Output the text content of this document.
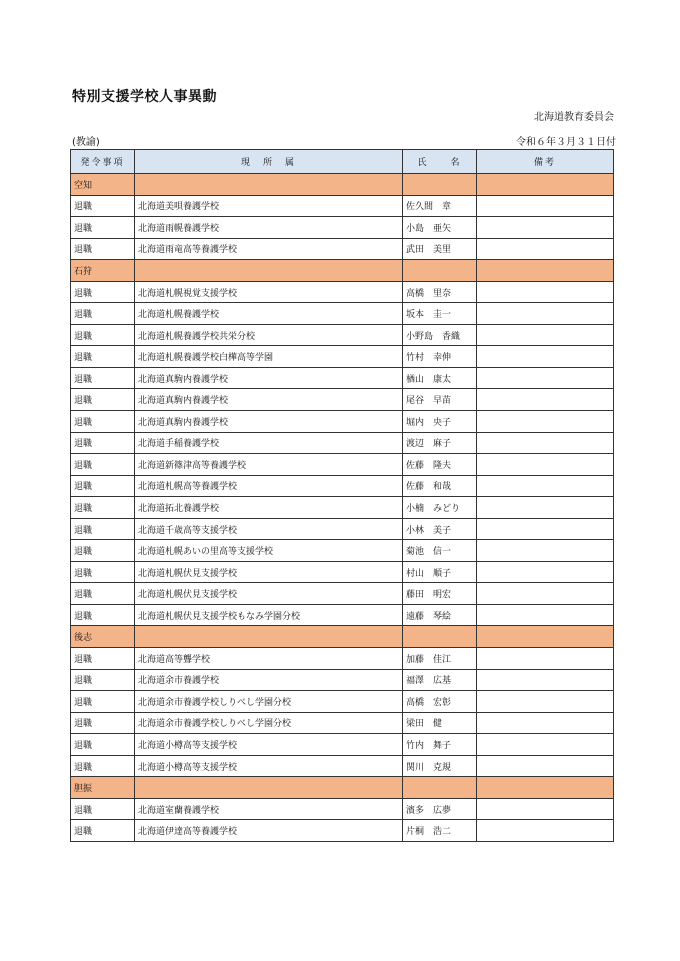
特別支援学校人事異動
北海道教育委員会
(教諭)	令和６年３月３１日付
発令事項	現　所　属	氏　　名	備考
空知			
退職	北海道美唄養護学校	佐久間　章	
退職	北海道雨幌養護学校	小島　亜矢	
退職	北海道雨竜高等養護学校	武田　美里	
石狩			
退職	北海道札幌視覚支援学校	高橋　里奈	
退職	北海道札幌養護学校	坂本　圭一	
退職	北海道札幌養護学校共栄分校	小野島　香織	
退職	北海道札幌養護学校白樺高等学園	竹村　幸伸	
退職	北海道真駒内養護学校	楢山　康太	
退職	北海道真駒内養護学校	尾谷　早苗	
退職	北海道真駒内養護学校	堀内　央子	
退職	北海道手稲養護学校	渡辺　麻子	
退職	北海道新篠津高等養護学校	佐藤　隆夫	
退職	北海道札幌高等養護学校	佐藤　和哉	
退職	北海道拓北養護学校	小楠　みどり	
退職	北海道千歳高等支援学校	小林　美子	
退職	北海道札幌あいの里高等支援学校	菊池　信一	
退職	北海道札幌伏見支援学校	村山　順子	
退職	北海道札幌伏見支援学校	藤田　明宏	
退職	北海道札幌伏見支援学校もなみ学園分校	遠藤　琴絵	
後志			
退職	北海道高等聾学校	加藤　佳江	
退職	北海道余市養護学校	福澤　広基	
退職	北海道余市養護学校しりべし学園分校	高橋　宏彰	
退職	北海道余市養護学校しりべし学園分校	梁田　健	
退職	北海道小樽高等支援学校	竹内　舞子	
退職	北海道小樽高等支援学校	関川　克規	
胆振			
退職	北海道室蘭養護学校	濱多　広夢	
退職	北海道伊達高等養護学校	片桐　浩二	
